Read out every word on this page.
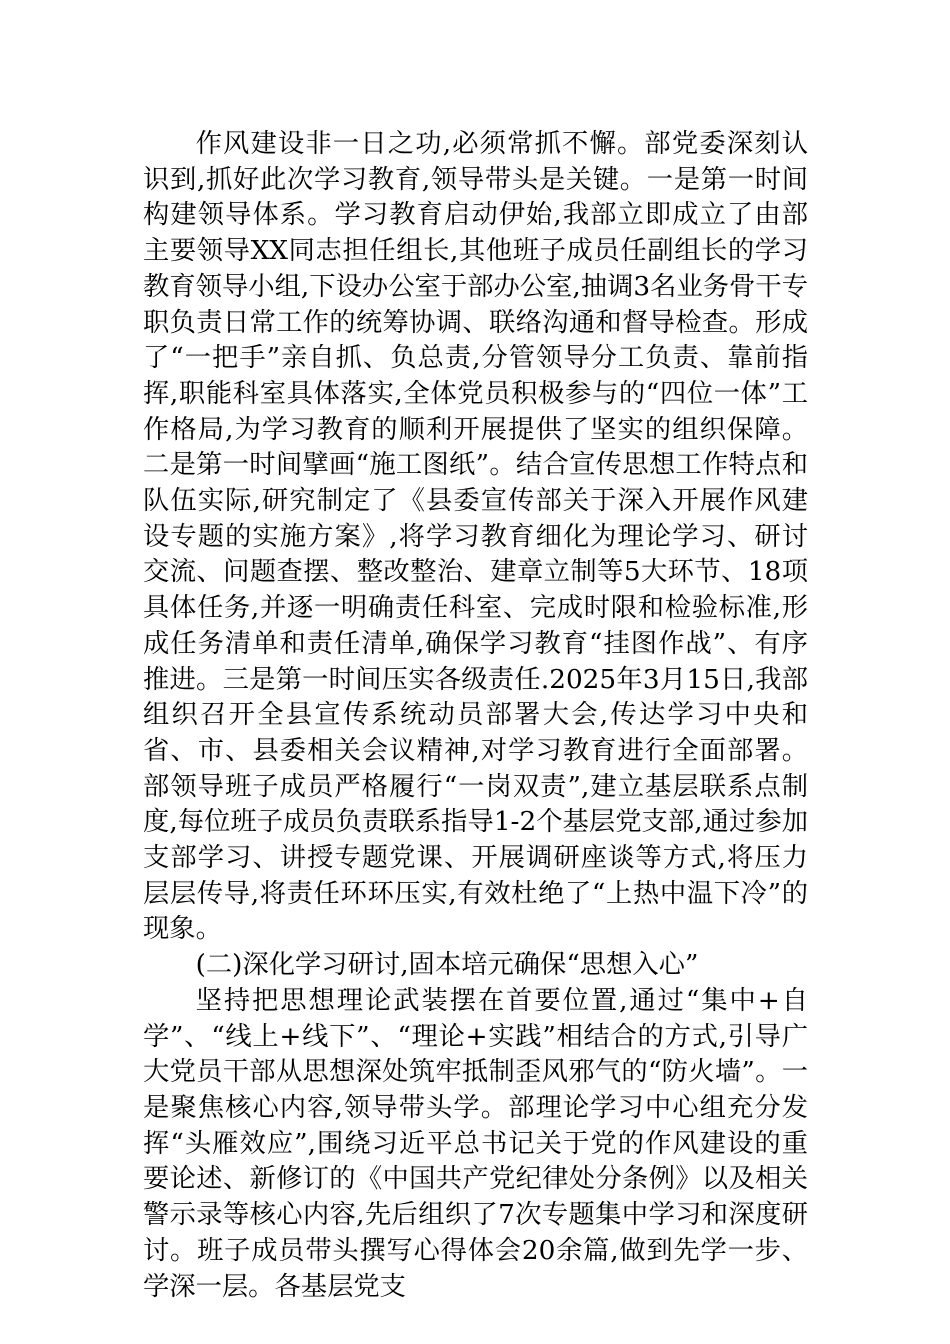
作风建设非一日之功,必须常抓不懈。部党委深刻认识到,抓好此次学习教育,领导带头是关键。一是第一时间构建领导体系。学习教育启动伊始,我部立即成立了由部主要领导XX同志担任组长,其他班子成员任副组长的学习教育领导小组,下设办公室于部办公室,抽调3名业务骨干专职负责日常工作的统筹协调、联络沟通和督导检查。形成了“一把手”亲自抓、负总责,分管领导分工负责、靠前指挥,职能科室具体落实,全体党员积极参与的“四位一体”工作格局,为学习教育的顺利开展提供了坚实的组织保障。二是第一时间擘画“施工图纸”。结合宣传思想工作特点和队伍实际,研究制定了《县委宣传部关于深入开展作风建设专题的实施方案》,将学习教育细化为理论学习、研讨交流、问题查摆、整改整治、建章立制等5大环节、18项具体任务,并逐一明确责任科室、完成时限和检验标准,形成任务清单和责任清单,确保学习教育“挂图作战”、有序推进。三是第一时间压实各级责任.2025年3月15日,我部组织召开全县宣传系统动员部署大会,传达学习中央和省、市、县委相关会议精神,对学习教育进行全面部署。部领导班子成员严格履行“一岗双责”,建立基层联系点制度,每位班子成员负责联系指导1-2个基层党支部,通过参加支部学习、讲授专题党课、开展调研座谈等方式,将压力层层传导,将责任环环压实,有效杜绝了“上热中温下冷”的现象。

(二)深化学习研讨,固本培元确保“思想入心”

坚持把思想理论武装摆在首要位置,通过“集中+自学”、“线上+线下”、“理论+实践”相结合的方式,引导广大党员干部从思想深处筑牢抵制歪风邪气的“防火墙”。一是聚焦核心内容,领导带头学。部理论学习中心组充分发挥“头雁效应”,围绕习近平总书记关于党的作风建设的重要论述、新修订的《中国共产党纪律处分条例》以及相关警示录等核心内容,先后组织了7次专题集中学习和深度研讨。班子成员带头撰写心得体会20余篇,做到先学一步、学深一层。各基层党支
